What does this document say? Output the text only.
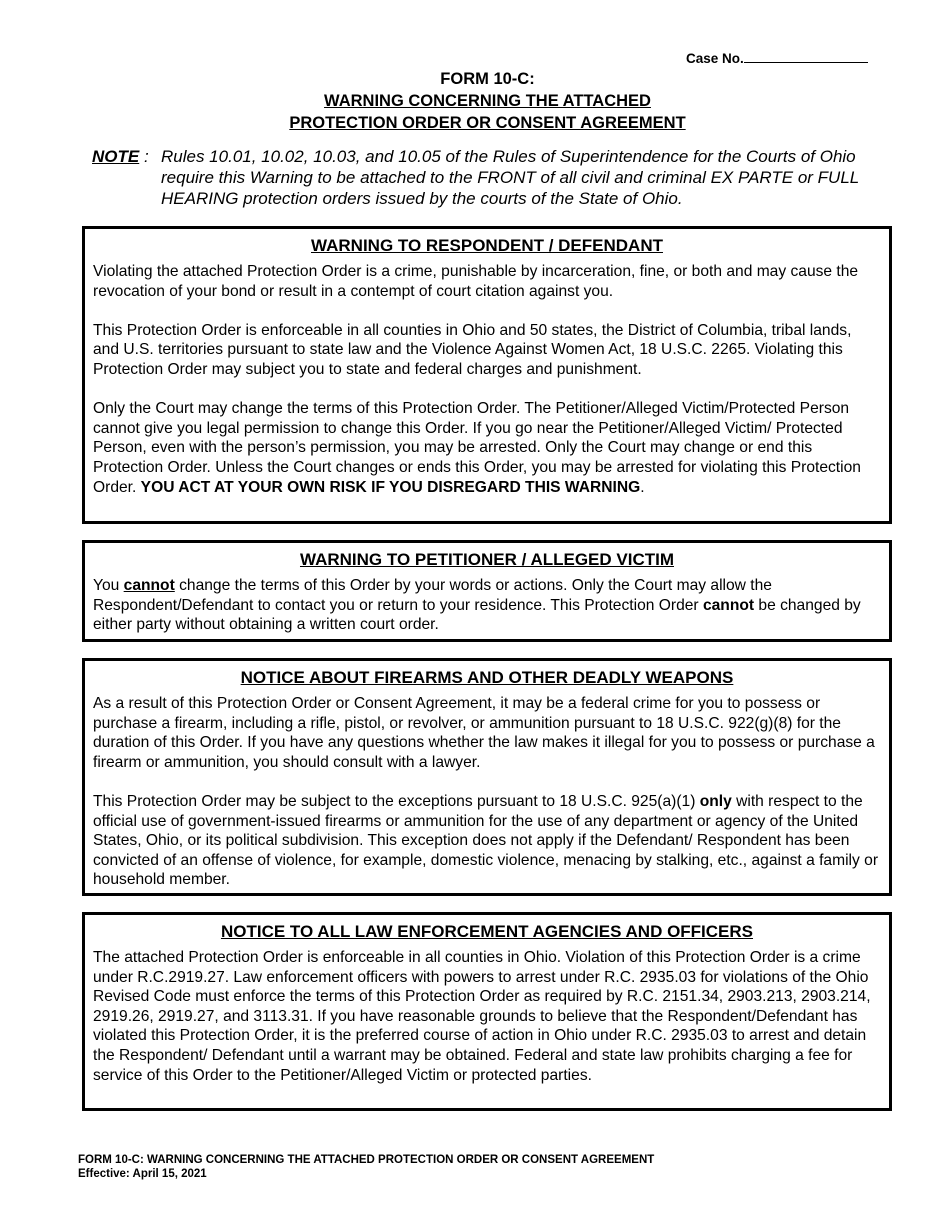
Case No.
FORM 10-C:
WARNING CONCERNING THE ATTACHED
PROTECTION ORDER OR CONSENT AGREEMENT
NOTE : Rules 10.01, 10.02, 10.03, and 10.05 of the Rules of Superintendence for the Courts of Ohio require this Warning to be attached to the FRONT of all civil and criminal EX PARTE or FULL HEARING protection orders issued by the courts of the State of Ohio.
WARNING TO RESPONDENT / DEFENDANT

Violating the attached Protection Order is a crime, punishable by incarceration, fine, or both and may cause the revocation of your bond or result in a contempt of court citation against you.

This Protection Order is enforceable in all counties in Ohio and 50 states, the District of Columbia, tribal lands, and U.S. territories pursuant to state law and the Violence Against Women Act, 18 U.S.C. 2265. Violating this Protection Order may subject you to state and federal charges and punishment.

Only the Court may change the terms of this Protection Order. The Petitioner/Alleged Victim/Protected Person cannot give you legal permission to change this Order. If you go near the Petitioner/Alleged Victim/ Protected Person, even with the person’s permission, you may be arrested. Only the Court may change or end this Protection Order. Unless the Court changes or ends this Order, you may be arrested for violating this Protection Order. YOU ACT AT YOUR OWN RISK IF YOU DISREGARD THIS WARNING.

WARNING TO PETITIONER / ALLEGED VICTIM

You cannot change the terms of this Order by your words or actions. Only the Court may allow the Respondent/Defendant to contact you or return to your residence. This Protection Order cannot be changed by either party without obtaining a written court order.

NOTICE ABOUT FIREARMS AND OTHER DEADLY WEAPONS

As a result of this Protection Order or Consent Agreement, it may be a federal crime for you to possess or purchase a firearm, including a rifle, pistol, or revolver, or ammunition pursuant to 18 U.S.C. 922(g)(8) for the duration of this Order. If you have any questions whether the law makes it illegal for you to possess or purchase a firearm or ammunition, you should consult with a lawyer.

This Protection Order may be subject to the exceptions pursuant to 18 U.S.C. 925(a)(1) only with respect to the official use of government-issued firearms or ammunition for the use of any department or agency of the United States, Ohio, or its political subdivision. This exception does not apply if the Defendant/ Respondent has been convicted of an offense of violence, for example, domestic violence, menacing by stalking, etc., against a family or household member.

NOTICE TO ALL LAW ENFORCEMENT AGENCIES AND OFFICERS

The attached Protection Order is enforceable in all counties in Ohio. Violation of this Protection Order is a crime under R.C.2919.27. Law enforcement officers with powers to arrest under R.C. 2935.03 for violations of the Ohio Revised Code must enforce the terms of this Protection Order as required by R.C. 2151.34, 2903.213, 2903.214, 2919.26, 2919.27, and 3113.31. If you have reasonable grounds to believe that the Respondent/Defendant has violated this Protection Order, it is the preferred course of action in Ohio under R.C. 2935.03 to arrest and detain the Respondent/ Defendant until a warrant may be obtained. Federal and state law prohibits charging a fee for service of this Order to the Petitioner/Alleged Victim or protected parties.

FORM 10-C: WARNING CONCERNING THE ATTACHED PROTECTION ORDER OR CONSENT AGREEMENT
Effective: April 15, 2021
